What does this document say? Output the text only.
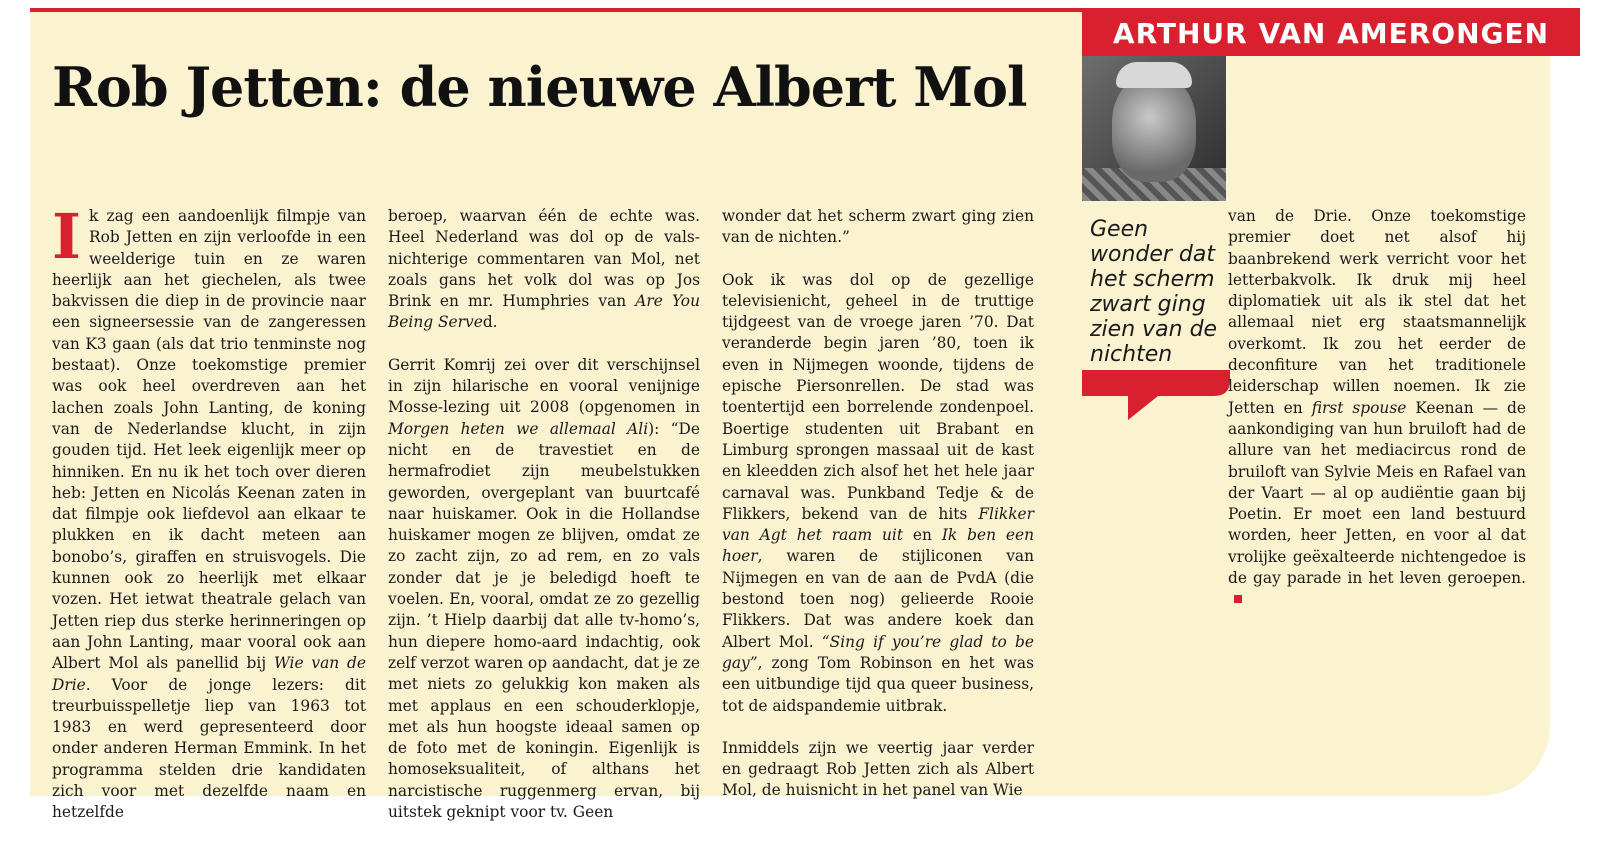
ARTHUR VAN AMERONGEN
Rob Jetten: de nieuwe Albert Mol
Geen wonder dat het scherm zwart ging zien van de nichten

Ik zag een aandoenlijk filmpje van Rob Jetten en zijn verloofde in een weelderige tuin en ze waren heerlijk aan het giechelen, als twee bakvissen die diep in de provincie naar een signeersessie van de zangeressen van K3 gaan (als dat trio tenminste nog bestaat). Onze toekomstige premier was ook heel overdreven aan het lachen zoals John Lanting, de koning van de Nederlandse klucht, in zijn gouden tijd. Het leek eigenlijk meer op hinniken. En nu ik het toch over dieren heb: Jetten en Nicolás Keenan zaten in dat filmpje ook liefdevol aan elkaar te plukken en ik dacht meteen aan bonobo’s, giraffen en struisvogels. Die kunnen ook zo heerlijk met elkaar vozen. Het ietwat theatrale gelach van Jetten riep dus sterke herinneringen op aan John Lanting, maar vooral ook aan Albert Mol als panellid bij Wie van de Drie. Voor de jonge lezers: dit treurbuisspelletje liep van 1963 tot 1983 en werd gepresenteerd door onder anderen Herman Emmink. In het programma stelden drie kandidaten zich voor met dezelfde naam en hetzelfde

beroep, waarvan één de echte was. Heel Nederland was dol op de vals-nichterige commentaren van Mol, net zoals gans het volk dol was op Jos Brink en mr. Humphries van Are You Being Served.

Gerrit Komrij zei over dit verschijnsel in zijn hilarische en vooral venijnige Mosse-lezing uit 2008 (opgenomen in Morgen heten we allemaal Ali): “De nicht en de travestiet en de hermafrodiet zijn meubelstukken geworden, overgeplant van buurtcafé naar huiskamer. Ook in die Hollandse huiskamer mogen ze blijven, omdat ze zo zacht zijn, zo ad rem, en zo vals zonder dat je je beledigd hoeft te voelen. En, vooral, omdat ze zo gezellig zijn. ’t Hielp daarbij dat alle tv-homo’s, hun diepere homo-aard indachtig, ook zelf verzot waren op aandacht, dat je ze met niets zo gelukkig kon maken als met applaus en een schouderklopje, met als hun hoogste ideaal samen op de foto met de koningin. Eigenlijk is homoseksualiteit, of althans het narcistische ruggenmerg ervan, bij uitstek geknipt voor tv. Geen

wonder dat het scherm zwart ging zien van de nichten.”

Ook ik was dol op de gezellige televisienicht, geheel in de truttige tijdgeest van de vroege jaren ’70. Dat veranderde begin jaren ’80, toen ik even in Nijmegen woonde, tijdens de epische Piersonrellen. De stad was toentertijd een borrelende zondenpoel. Boertige studenten uit Brabant en Limburg sprongen massaal uit de kast en kleedden zich alsof het het hele jaar carnaval was. Punkband Tedje & de Flikkers, bekend van de hits Flikker van Agt het raam uit en Ik ben een hoer, waren de stijliconen van Nijmegen en van de aan de PvdA (die bestond toen nog) gelieerde Rooie Flikkers. Dat was andere koek dan Albert Mol. “Sing if you’re glad to be gay”, zong Tom Robinson en het was een uitbundige tijd qua queer business, tot de aidspandemie uitbrak.

Inmiddels zijn we veertig jaar verder en gedraagt Rob Jetten zich als Albert Mol, de huisnicht in het panel van Wie

van de Drie. Onze toekomstige premier doet net alsof hij baanbrekend werk verricht voor het letterbakvolk. Ik druk mij heel diplomatiek uit als ik stel dat het allemaal niet erg staatsmannelijk overkomt. Ik zou het eerder de deconfiture van het traditionele leiderschap willen noemen. Ik zie Jetten en first spouse Keenan — de aankondiging van hun bruiloft had de allure van het mediacircus rond de bruiloft van Sylvie Meis en Rafael van der Vaart — al op audiëntie gaan bij Poetin. Er moet een land bestuurd worden, heer Jetten, en voor al dat vrolijke geëxalteerde nichtengedoe is de gay parade in het leven geroepen.
